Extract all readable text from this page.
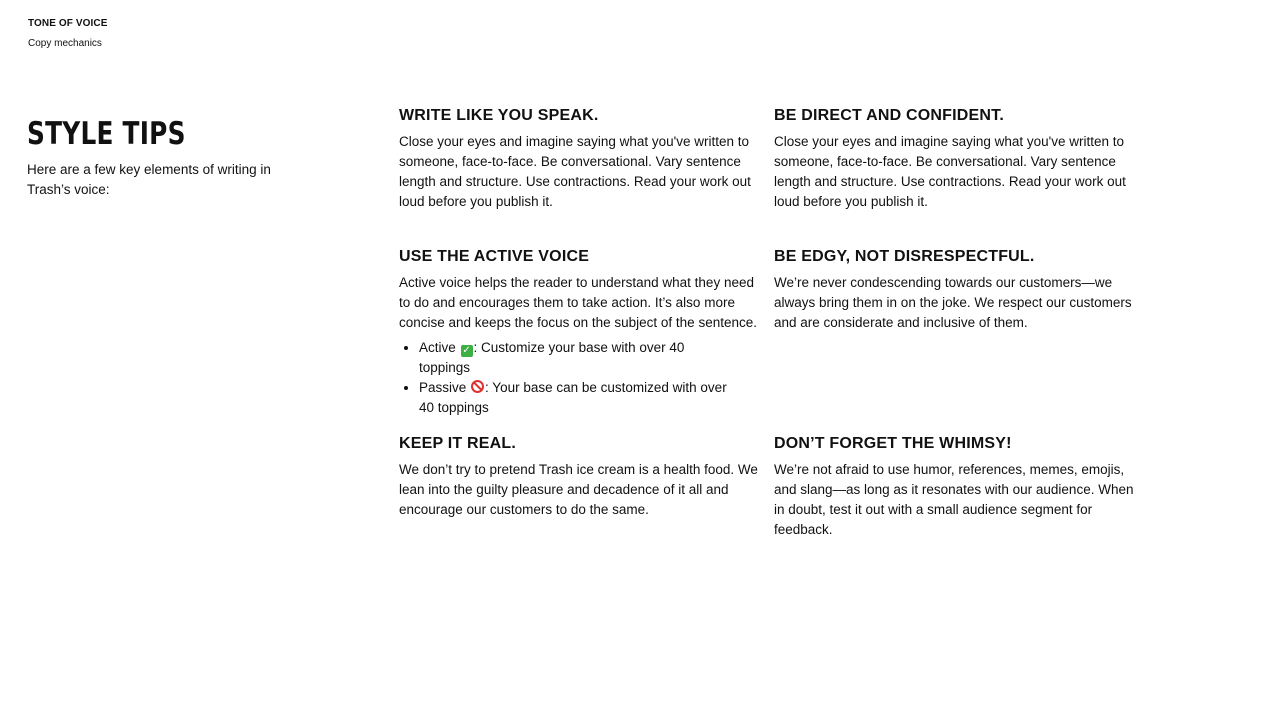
TONE OF VOICE
Copy mechanics
STYLE TIPS

Here are a few key elements of writing in Trash’s voice:

WRITE LIKE YOU SPEAK.

Close your eyes and imagine saying what you've written to someone, face-to-face. Be conversational. Vary sentence length and structure. Use contractions. Read your work out loud before you publish it.

BE DIRECT AND CONFIDENT.

Close your eyes and imagine saying what you've written to someone, face-to-face. Be conversational. Vary sentence length and structure. Use contractions. Read your work out loud before you publish it.

USE THE ACTIVE VOICE

Active voice helps the reader to understand what they need to do and encourages them to take action. It’s also more concise and keeps the focus on the subject of the sentence.

• Active ✓ : Customize your base with over 40 toppings
• Passive : Your base can be customized with over 40 toppings
BE EDGY, NOT DISRESPECTFUL.

We’re never condescending towards our customers—we always bring them in on the joke. We respect our customers and are considerate and inclusive of them.

KEEP IT REAL.

We don’t try to pretend Trash ice cream is a health food. We lean into the guilty pleasure and decadence of it all and encourage our customers to do the same.

DON’T FORGET THE WHIMSY!

We’re not afraid to use humor, references, memes, emojis, and slang—as long as it resonates with our audience. When in doubt, test it out with a small audience segment for feedback.
